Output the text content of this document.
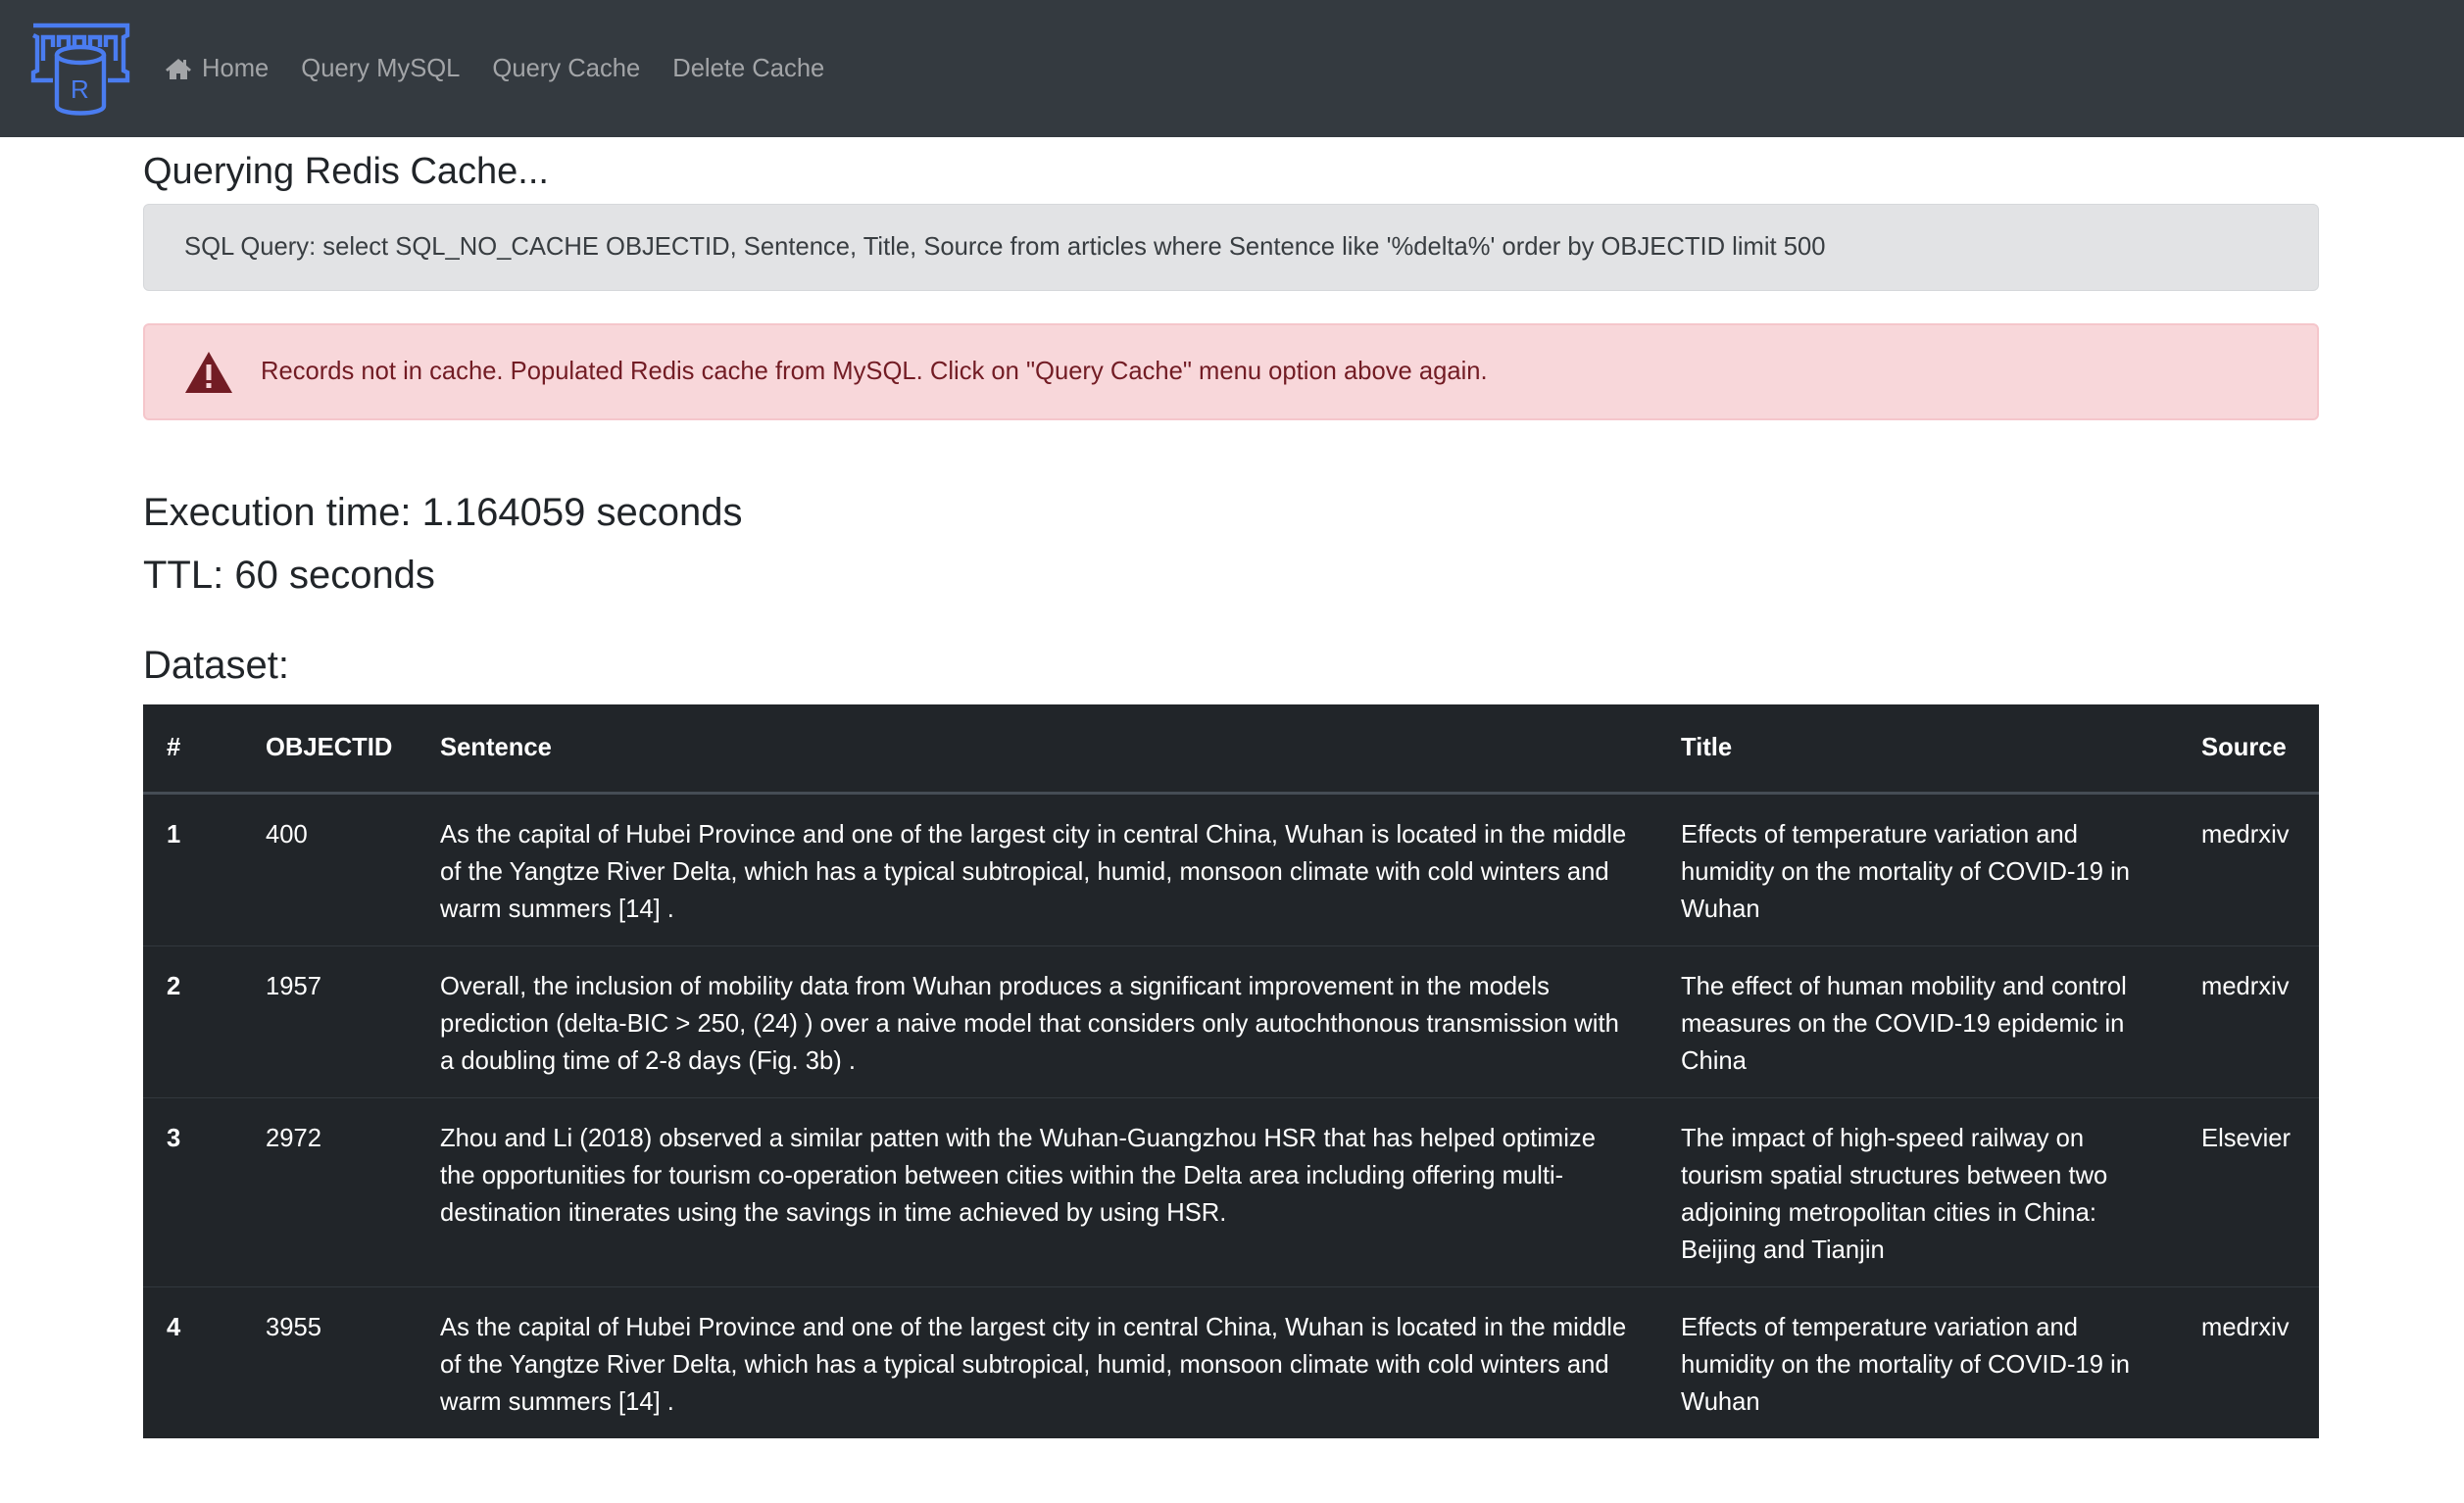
R
Home Query MySQL Query Cache Delete Cache
Querying Redis Cache...
SQL Query: select SQL_NO_CACHE OBJECTID, Sentence, Title, Source from articles where Sentence like '%delta%' order by OBJECTID limit 500
Records not in cache. Populated Redis cache from MySQL. Click on "Query Cache" menu option above again.
Execution time: 1.164059 seconds
TTL: 60 seconds
Dataset:
#	OBJECTID	Sentence	Title	Source
1	400	As the capital of Hubei Province and one of the largest city in central China, Wuhan is located in the middle of the Yangtze River Delta, which has a typical subtropical, humid, monsoon climate with cold winters and warm summers [14] .	Effects of temperature variation and humidity on the mortality of COVID-19 in Wuhan	medrxiv
2	1957	Overall, the inclusion of mobility data from Wuhan produces a significant improvement in the models prediction (delta-BIC > 250, (24) ) over a naive model that considers only autochthonous transmission with a doubling time of 2-8 days (Fig. 3b) .	The effect of human mobility and control measures on the COVID-19 epidemic in China	medrxiv
3	2972	Zhou and Li (2018) observed a similar patten with the Wuhan-Guangzhou HSR that has helped optimize the opportunities for tourism co-operation between cities within the Delta area including offering multi-destination itinerates using the savings in time achieved by using HSR.	The impact of high-speed railway on tourism spatial structures between two adjoining metropolitan cities in China: Beijing and Tianjin	Elsevier
4	3955	As the capital of Hubei Province and one of the largest city in central China, Wuhan is located in the middle of the Yangtze River Delta, which has a typical subtropical, humid, monsoon climate with cold winters and warm summers [14] .	Effects of temperature variation and humidity on the mortality of COVID-19 in Wuhan	medrxiv
